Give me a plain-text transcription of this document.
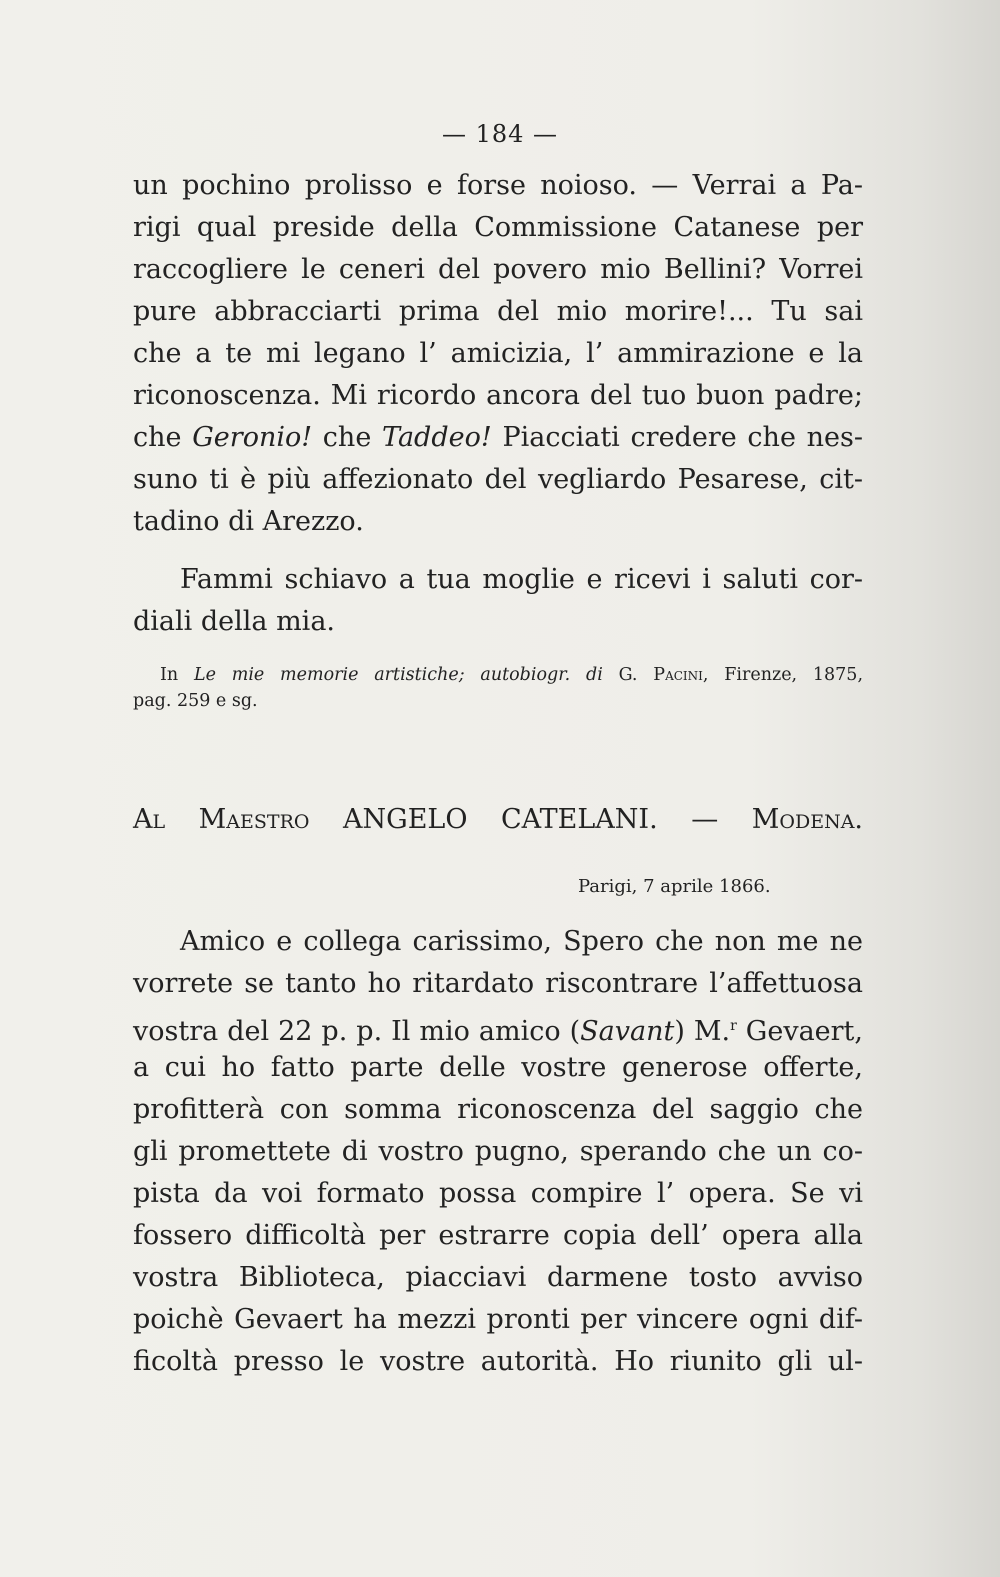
— 184 —
un pochino prolisso e forse noioso. — Verrai a Pa-
rigi qual preside della Commissione Catanese per
raccogliere le ceneri del povero mio Bellini? Vorrei
pure abbracciarti prima del mio morire!... Tu sai
che a te mi legano l’ amicizia, l’ ammirazione e la
riconoscenza. Mi ricordo ancora del tuo buon padre;
che Geronio! che Taddeo! Piacciati credere che nes-
suno ti è più affezionato del vegliardo Pesarese, cit-
tadino di Arezzo.
Fammi schiavo a tua moglie e ricevi i saluti cor-
diali della mia.
In Le mie memorie artistiche; autobiogr. di G. Pacini, Firenze, 1875,
pag. 259 e sg.
Al Maestro ANGELO CATELANI. — Modena.
Parigi, 7 aprile 1866.
Amico e collega carissimo, Spero che non me ne
vorrete se tanto ho ritardato riscontrare l’affettuosa
vostra del 22 p. p. Il mio amico (Savant) M.$^r$ Gevaert,
a cui ho fatto parte delle vostre generose offerte,
profitterà con somma riconoscenza del saggio che
gli promettete di vostro pugno, sperando che un co-
pista da voi formato possa compire l’ opera. Se vi
fossero difficoltà per estrarre copia dell’ opera alla
vostra Biblioteca, piacciavi darmene tosto avviso
poichè Gevaert ha mezzi pronti per vincere ogni dif-
ficoltà presso le vostre autorità. Ho riunito gli ul-
